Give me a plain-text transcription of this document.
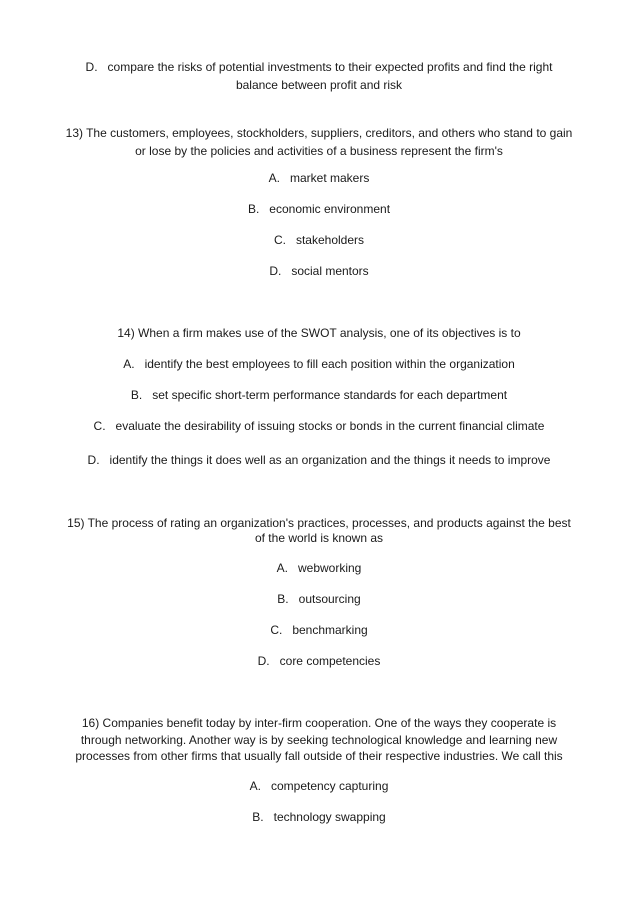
D. compare the risks of potential investments to their expected profits and find the right
balance between profit and risk
13) The customers, employees, stockholders, suppliers, creditors, and others who stand to gain
or lose by the policies and activities of a business represent the firm's
A. market makers
B. economic environment
C. stakeholders
D. social mentors
14) When a firm makes use of the SWOT analysis, one of its objectives is to
A. identify the best employees to fill each position within the organization
B. set specific short-term performance standards for each department
C. evaluate the desirability of issuing stocks or bonds in the current financial climate
D. identify the things it does well as an organization and the things it needs to improve
15) The process of rating an organization's practices, processes, and products against the best
of the world is known as
A. webworking
B. outsourcing
C. benchmarking
D. core competencies
16) Companies benefit today by inter-firm cooperation. One of the ways they cooperate is
through networking. Another way is by seeking technological knowledge and learning new
processes from other firms that usually fall outside of their respective industries. We call this
A. competency capturing
B. technology swapping
